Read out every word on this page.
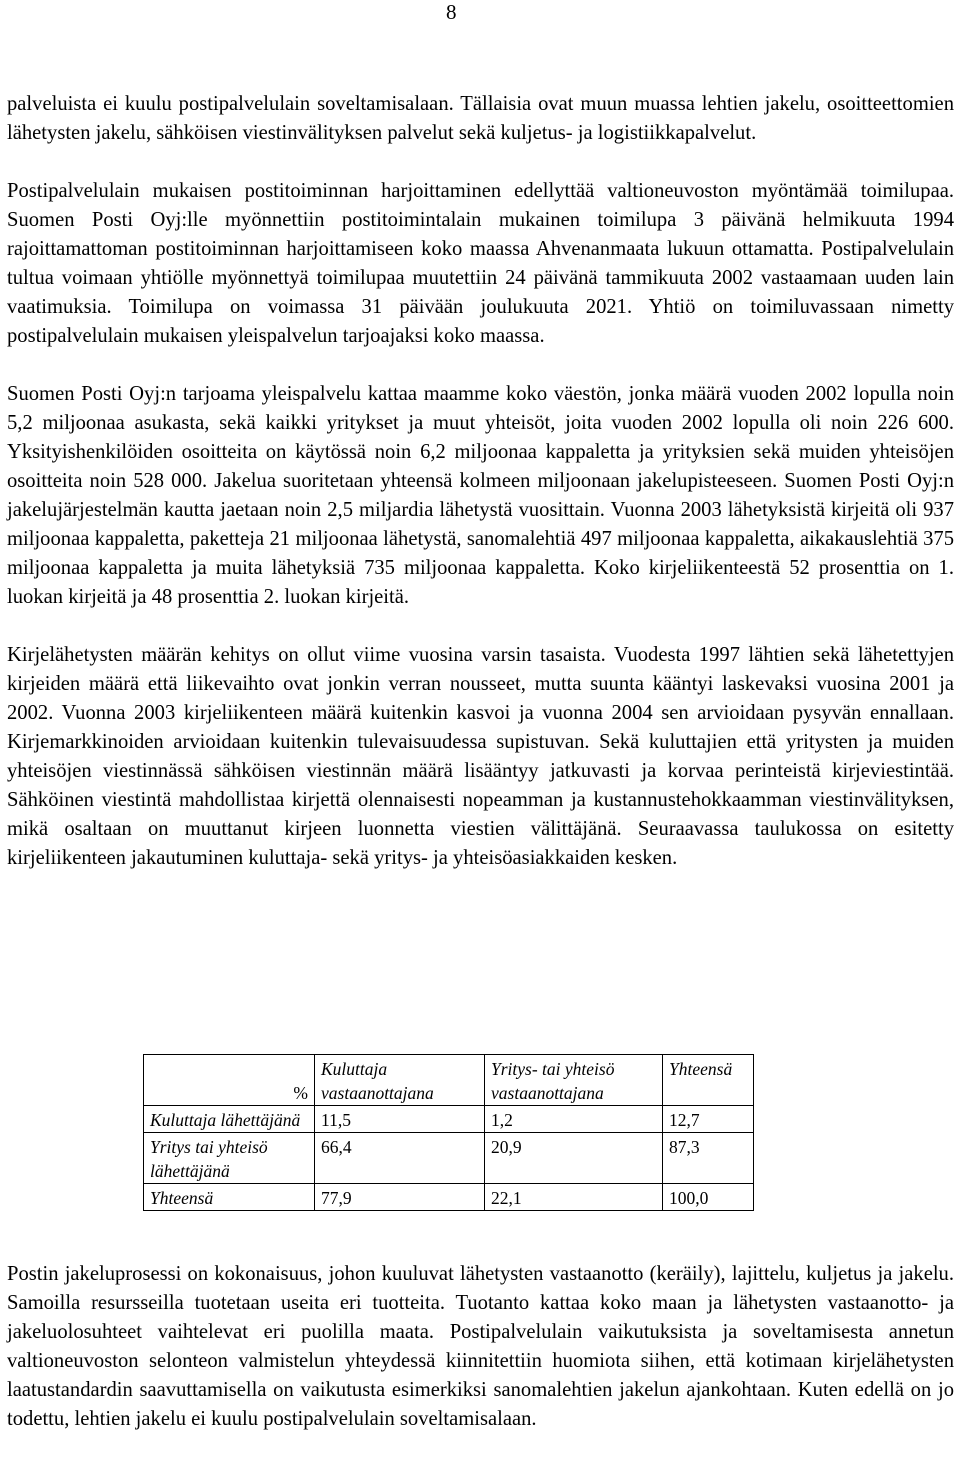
8

palveluista ei kuulu postipalvelulain soveltamisalaan. Tällaisia ovat muun muassa lehtien jakelu, osoitteettomien lähetysten jakelu, sähköisen viestinvälityksen palvelut sekä kuljetus- ja logistiikkapalvelut.

Postipalvelulain mukaisen postitoiminnan harjoittaminen edellyttää valtioneuvoston myöntämää toimilupaa. Suomen Posti Oyj:lle myönnettiin postitoimintalain mukainen toimilupa 3 päivänä helmikuuta 1994 rajoittamattoman postitoiminnan harjoittamiseen koko maassa Ahvenanmaata lukuun ottamatta. Postipalvelulain tultua voimaan yhtiölle myönnettyä toimilupaa muutettiin 24 päivänä tammikuuta 2002 vastaamaan uuden lain vaatimuksia. Toimilupa on voimassa 31 päivään joulukuuta 2021. Yhtiö on toimiluvassaan nimetty postipalvelulain mukaisen yleispalvelun tarjoajaksi koko maassa.

Suomen Posti Oyj:n tarjoama yleispalvelu kattaa maamme koko väestön, jonka määrä vuoden 2002 lopulla noin 5,2 miljoonaa asukasta, sekä kaikki yritykset ja muut yhteisöt, joita vuoden 2002 lopulla oli noin 226 600. Yksityishenkilöiden osoitteita on käytössä noin 6,2 miljoonaa kappaletta ja yrityksien sekä muiden yhteisöjen osoitteita noin 528 000. Jakelua suoritetaan yhteensä kolmeen miljoonaan jakelupisteeseen. Suomen Posti Oyj:n jakelujärjestelmän kautta jaetaan noin 2,5 miljardia lähetystä vuosittain. Vuonna 2003 lähetyksistä kirjeitä oli 937 miljoonaa kappaletta, paketteja 21 miljoonaa lähetystä, sanomalehtiä 497 miljoonaa kappaletta, aikakauslehtiä 375 miljoonaa kappaletta ja muita lähetyksiä 735 miljoonaa kappaletta. Koko kirjeliikenteestä 52 prosenttia on 1. luokan kirjeitä ja 48 prosenttia 2. luokan kirjeitä.

Kirjelähetysten määrän kehitys on ollut viime vuosina varsin tasaista. Vuodesta 1997 lähtien sekä lähetettyjen kirjeiden määrä että liikevaihto ovat jonkin verran nousseet, mutta suunta kääntyi laskevaksi vuosina 2001 ja 2002. Vuonna 2003 kirjeliikenteen määrä kuitenkin kasvoi ja vuonna 2004 sen arvioidaan pysyvän ennallaan. Kirjemarkkinoiden arvioidaan kuitenkin tulevaisuudessa supistuvan. Sekä kuluttajien että yritysten ja muiden yhteisöjen viestinnässä sähköisen viestinnän määrä lisääntyy jatkuvasti ja korvaa perinteistä kirjeviestintää. Sähköinen viestintä mahdollistaa kirjettä olennaisesti nopeamman ja kustannustehokkaamman viestinvälityksen, mikä osaltaan on muuttanut kirjeen luonnetta viestien välittäjänä. Seuraavassa taulukossa on esitetty kirjeliikenteen jakautuminen kuluttaja- sekä yritys- ja yhteisöasiakkaiden kesken.

%	Kuluttaja vastaanottajana	Yritys- tai yhteisö vastaanottajana	Yhteensä
Kuluttaja lähettäjänä	11,5	1,2	12,7
Yritys tai yhteisö lähettäjänä	66,4	20,9	87,3
Yhteensä	77,9	22,1	100,0

Postin jakeluprosessi on kokonaisuus, johon kuuluvat lähetysten vastaanotto (keräily), lajittelu, kuljetus ja jakelu. Samoilla resursseilla tuotetaan useita eri tuotteita. Tuotanto kattaa koko maan ja lähetysten vastaanotto- ja jakeluolosuhteet vaihtelevat eri puolilla maata. Postipalvelulain vaikutuksista ja soveltamisesta annetun valtioneuvoston selonteon valmistelun yhteydessä kiinnitettiin huomiota siihen, että kotimaan kirjelähetysten laatustandardin saavuttamisella on vaikutusta esimerkiksi sanomalehtien jakelun ajankohtaan. Kuten edellä on jo todettu, lehtien jakelu ei kuulu postipalvelulain soveltamisalaan.
